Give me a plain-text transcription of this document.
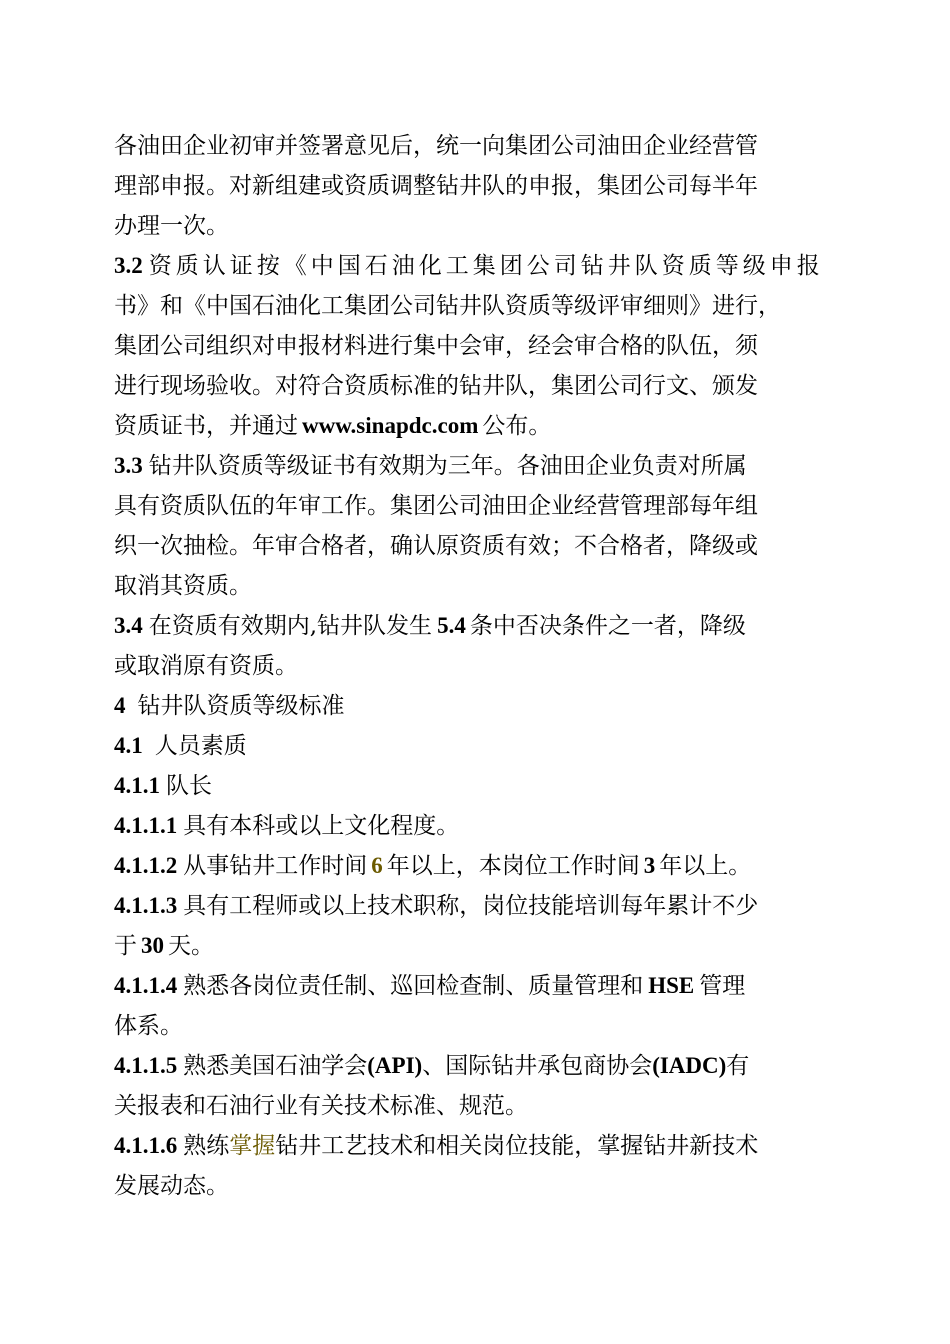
各油田企业初审并签署意见后，统一向集团公司油田企业经营管
理部申报。对新组建或资质调整钻井队的申报，集团公司每半年
办理一次。
3.2 资质认证按《中国石油化工集团公司钻井队资质等级申报
书》和《中国石油化工集团公司钻井队资质等级评审细则》进行，
集团公司组织对申报材料进行集中会审，经会审合格的队伍，须
进行现场验收。对符合资质标准的钻井队，集团公司行文、颁发
资质证书，并通过 www.sinapdc.com 公布。
3.3 钻井队资质等级证书有效期为三年。各油田企业负责对所属
具有资质队伍的年审工作。集团公司油田企业经营管理部每年组
织一次抽检。年审合格者，确认原资质有效；不合格者，降级或
取消其资质。
3.4 在资质有效期内,钻井队发生 5.4 条中否决条件之一者，降级
或取消原有资质。
4 钻井队资质等级标准
4.1 人员素质
4.1.1 队长
4.1.1.1 具有本科或以上文化程度。
4.1.1.2 从事钻井工作时间 6 年以上，本岗位工作时间 3 年以上。
4.1.1.3 具有工程师或以上技术职称，岗位技能培训每年累计不少
于 30 天。
4.1.1.4 熟悉各岗位责任制、巡回检查制、质量管理和 HSE 管理
体系。
4.1.1.5 熟悉美国石油学会 (API) 、国际钻井承包商协会 (IADC) 有
关报表和石油行业有关技术标准、规范。
4.1.1.6 熟练 掌握 钻井工艺技术和相关岗位技能，掌握钻井新技术
发展动态。
